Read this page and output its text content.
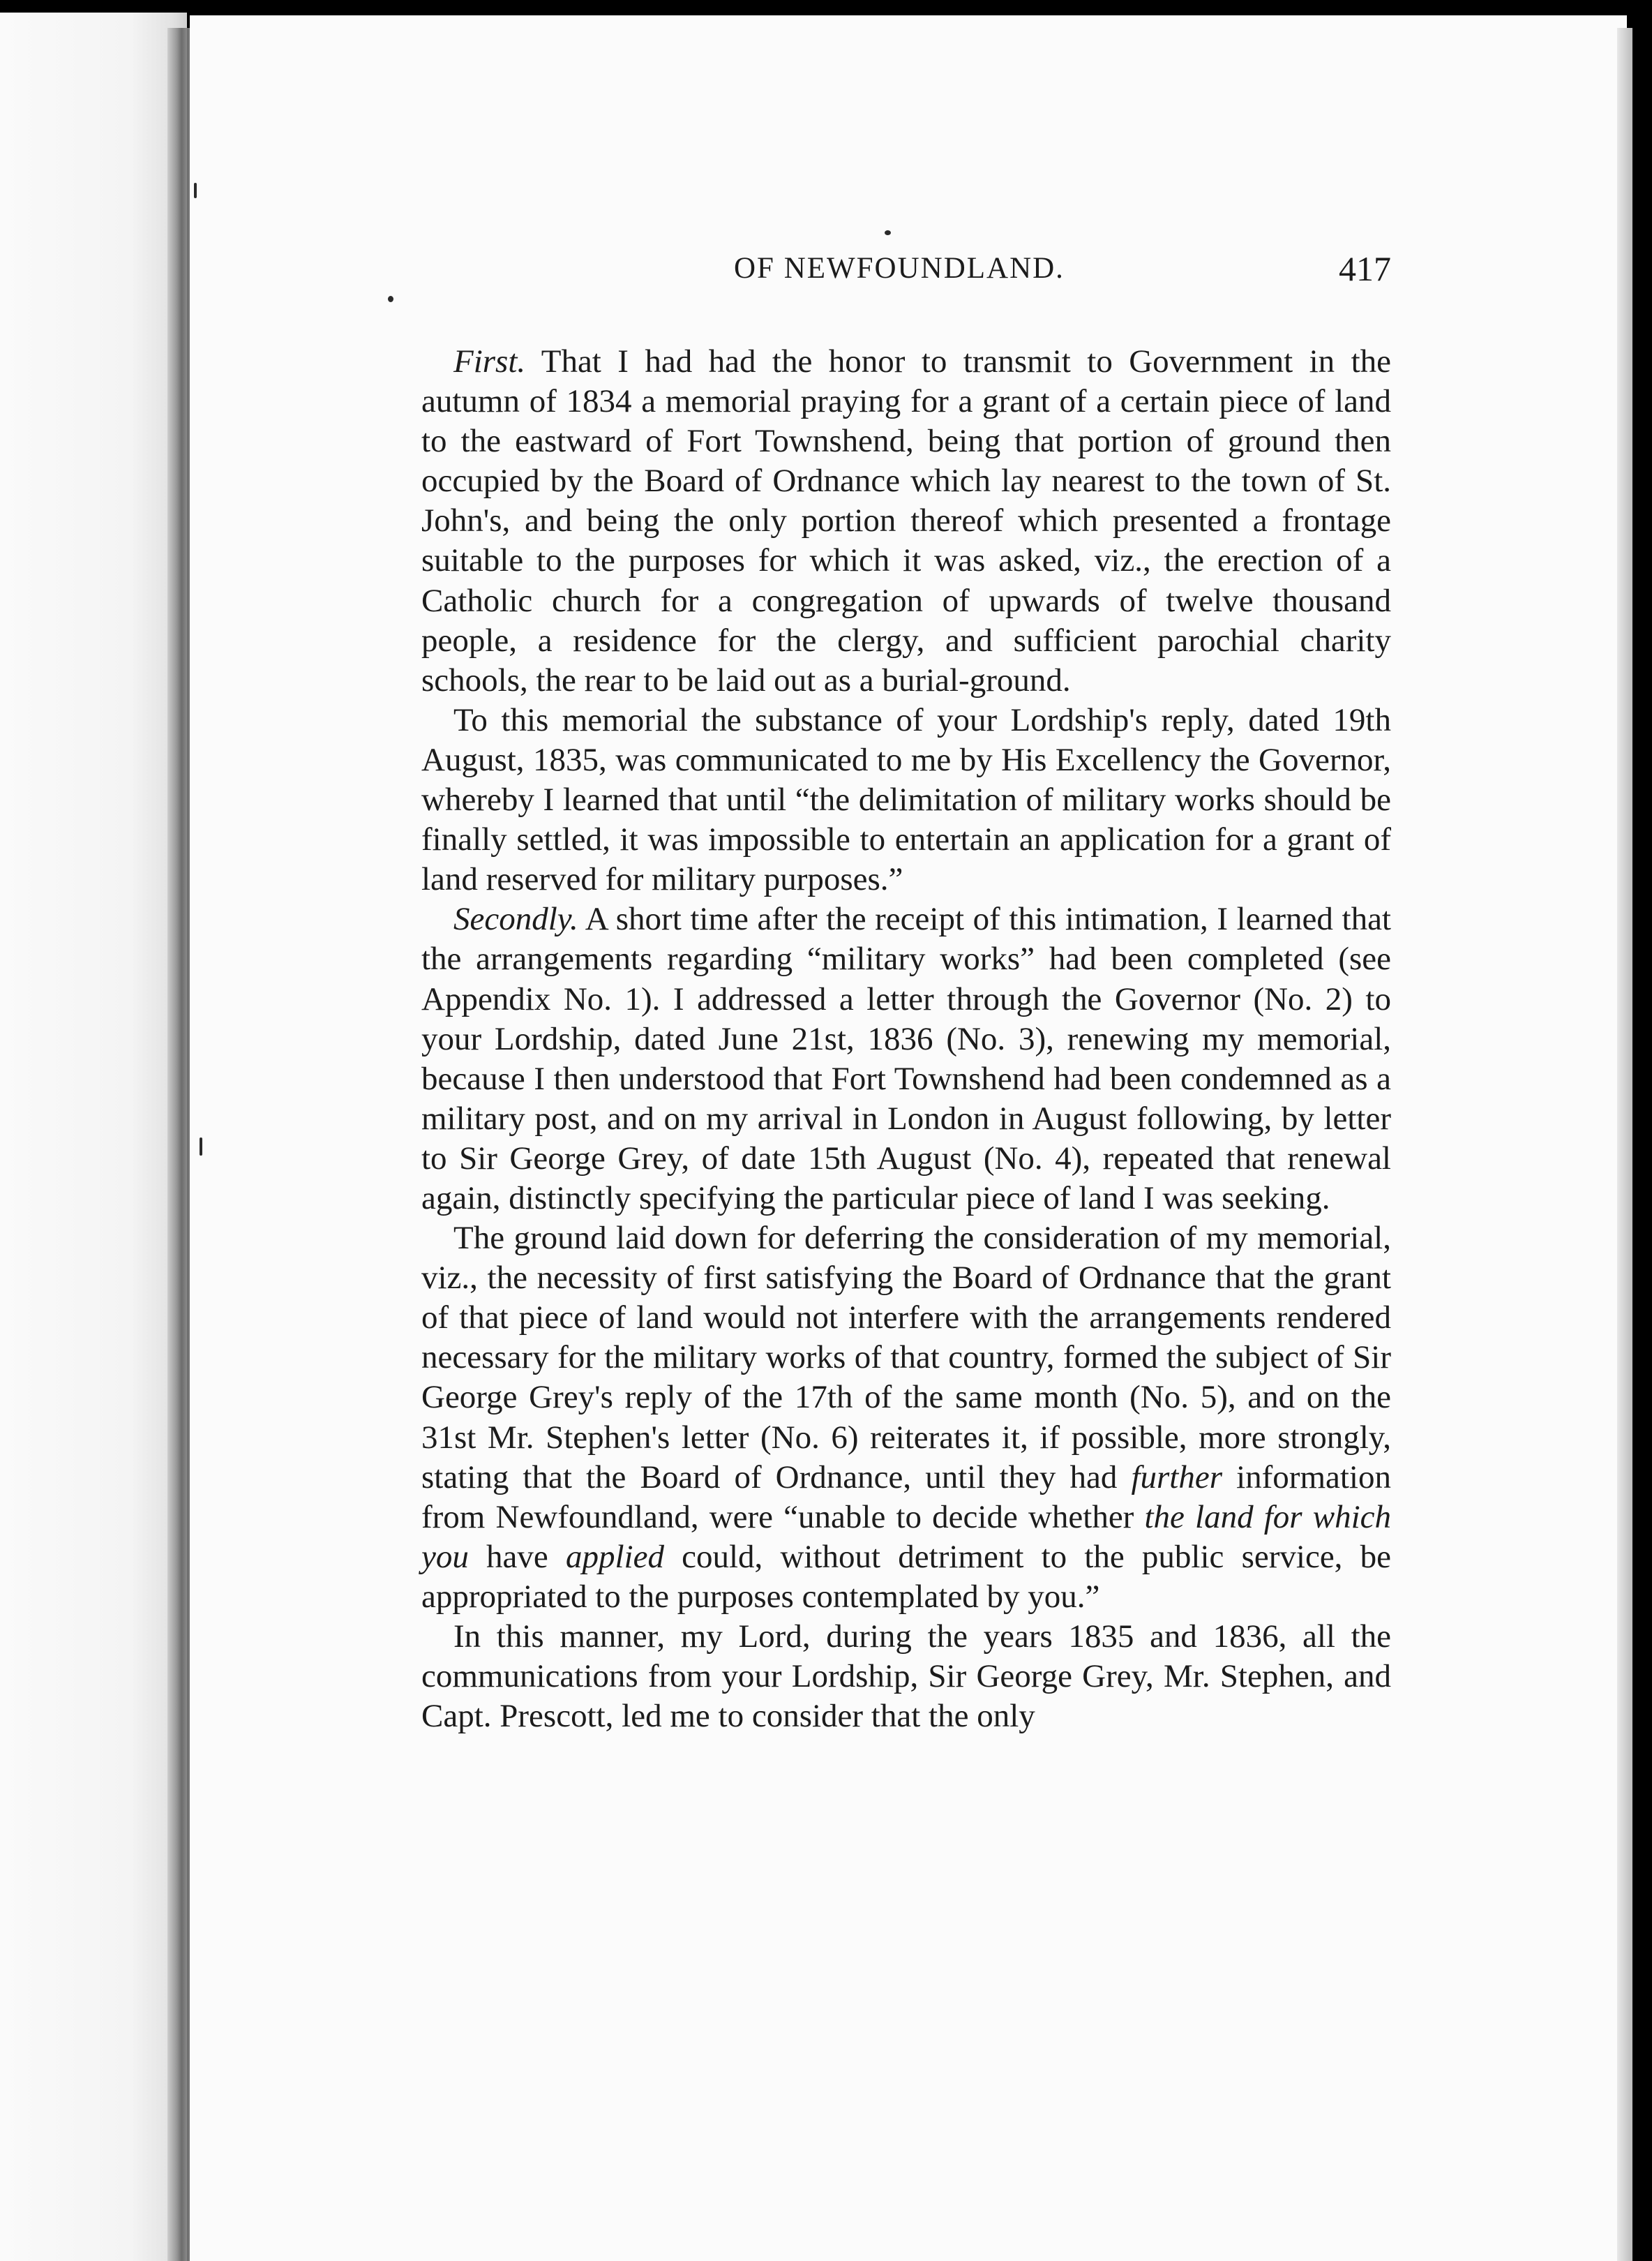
OF NEWFOUNDLAND.	417

First. That I had had the honor to transmit to Government in the autumn of 1834 a memorial praying for a grant of a certain piece of land to the eastward of Fort Townshend, being that portion of ground then occupied by the Board of Ordnance which lay nearest to the town of St. John's, and being the only portion thereof which presented a frontage suitable to the purposes for which it was asked, viz., the erection of a Catholic church for a congregation of upwards of twelve thousand people, a residence for the clergy, and sufficient parochial charity schools, the rear to be laid out as a burial-ground.

To this memorial the substance of your Lordship's reply, dated 19th August, 1835, was communicated to me by His Excellency the Governor, whereby I learned that until “the delimitation of military works should be finally settled, it was impossible to entertain an application for a grant of land reserved for military purposes.”

Secondly. A short time after the receipt of this intimation, I learned that the arrangements regarding “military works” had been completed (see Appendix No. 1). I addressed a letter through the Governor (No. 2) to your Lordship, dated June 21st, 1836 (No. 3), renewing my memorial, because I then understood that Fort Townshend had been condemned as a military post, and on my arrival in London in August following, by letter to Sir George Grey, of date 15th August (No. 4), repeated that renewal again, distinctly specifying the particular piece of land I was seeking.

The ground laid down for deferring the consideration of my memorial, viz., the necessity of first satisfying the Board of Ordnance that the grant of that piece of land would not interfere with the arrangements rendered necessary for the military works of that country, formed the subject of Sir George Grey's reply of the 17th of the same month (No. 5), and on the 31st Mr. Stephen's letter (No. 6) reiterates it, if possible, more strongly, stating that the Board of Ordnance, until they had further information from Newfoundland, were “unable to decide whether the land for which you have applied could, without detriment to the public service, be appropriated to the purposes contemplated by you.”

In this manner, my Lord, during the years 1835 and 1836, all the communications from your Lordship, Sir George Grey, Mr. Stephen, and Capt. Prescott, led me to consider that the only
